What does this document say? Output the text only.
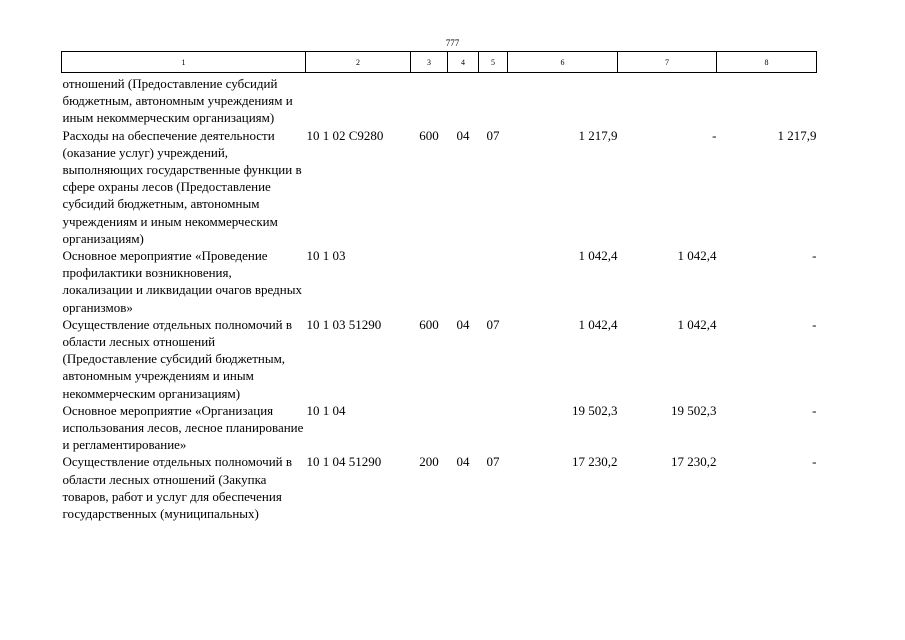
777
1	2	3	4	5	6	7	8
отношений (Предоставление субсидий бюджетным, автономным учреждениям и иным некоммерческим организациям)							
Расходы на обеспечение деятельности (оказание услуг) учреждений, выполняющих государственные функции в сфере охраны лесов (Предоставление субсидий бюджетным, автономным учреждениям и иным некоммерческим организациям)	10 1 02 С9280	600	04	07	1 217,9	-	1 217,9
Основное мероприятие «Проведение профилактики возникновения, локализации и ликвидации очагов вредных организмов»	10 1 03				1 042,4	1 042,4	-
Осуществление отдельных полномочий в области лесных отношений (Предоставление субсидий бюджетным, автономным учреждениям и иным некоммерческим организациям)	10 1 03 51290	600	04	07	1 042,4	1 042,4	-
Основное мероприятие «Организация использования лесов, лесное планирование и регламентирование»	10 1 04				19 502,3	19 502,3	-
Осуществление отдельных полномочий в области лесных отношений (Закупка товаров, работ и услуг для обеспечения государственных (муниципальных)	10 1 04 51290	200	04	07	17 230,2	17 230,2	-
